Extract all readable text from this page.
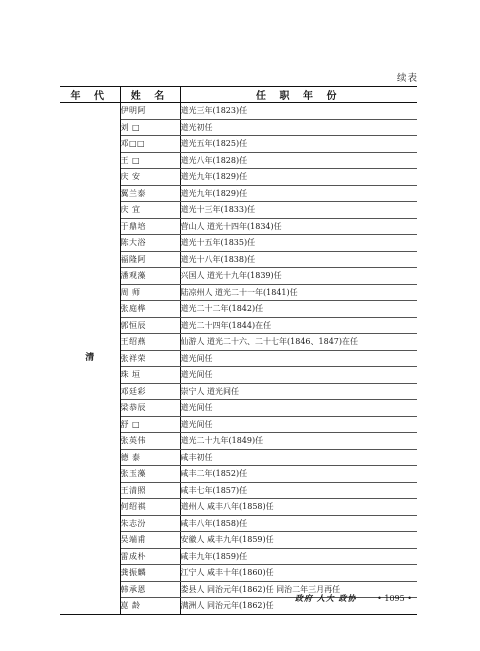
续表
年 代	姓 名	任 职 年 份
清	伊明阿	道光三年(1823)任
	刘 □	道光初任
	邓□□	道光五年(1825)任
	王 □	道光八年(1828)任
	庆 安	道光九年(1829)任
	翼兰泰	道光九年(1829)任
	庆 宜	道光十三年(1833)任
	于鼎培	营山人 道光十四年(1834)任
	陈大浴	道光十五年(1835)任
	福隆阿	道光十八年(1838)任
	潘观藻	兴国人 道光十九年(1839)任
	周 师	陆凉州人 道光二十一年(1841)任
	张庭桦	道光二十二年(1842)任
	郭恒辰	道光二十四年(1844)在任
	王绍燕	仙游人 道光二十六、二十七年(1846、1847)在任
	张祥荣	道光间任
	珠 垣	道光间任
	邓廷彩	崇宁人 道光间任
	梁恭辰	道光间任
	舒 □	道光间任
	张英伟	道光二十九年(1849)任
	德 泰	咸丰初任
	张玉藻	咸丰二年(1852)任
	王清照	咸丰七年(1857)任
	何绍祺	道州人 咸丰八年(1858)任
	朱志汾	咸丰八年(1858)任
	吴端甫	安徽人 咸丰九年(1859)任
	雷成朴	咸丰九年(1859)任
	龚振麟	江宁人 咸丰十年(1860)任
	韩承恩	娄县人 同治元年(1862)任 同治二年三月再任
	崑 龄	满洲人 同治元年(1862)任
政府 人大 政协	• 1095 •
